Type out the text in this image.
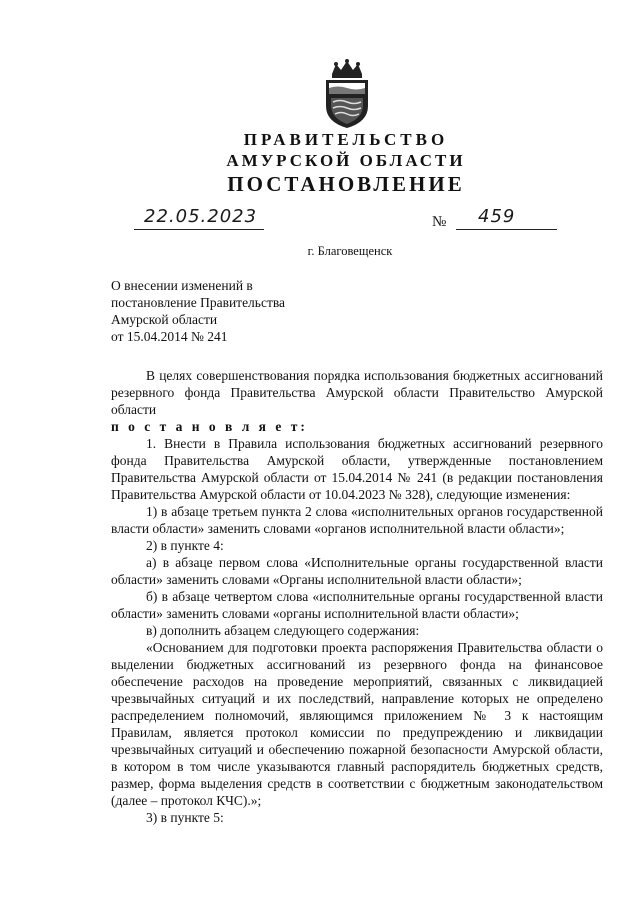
ПРАВИТЕЛЬСТВО
АМУРСКОЙ ОБЛАСТИ
ПОСТАНОВЛЕНИЕ
22.05.2023	№ 459
г. Благовещенск
О внесении изменений в
постановление Правительства
Амурской области
от 15.04.2014 № 241

В целях совершенствования порядка использования бюджетных ассигнований резервного фонда Правительства Амурской области Правительство Амурской области

п о с т а н о в л я е т:

1. Внести в Правила использования бюджетных ассигнований резервного фонда Правительства Амурской области, утвержденные постановлением Правительства Амурской области от 15.04.2014 № 241 (в редакции постановления Правительства Амурской области от 10.04.2023 № 328), следующие изменения:

1) в абзаце третьем пункта 2 слова «исполнительных органов государственной власти области» заменить словами «органов исполнительной власти области»;

2) в пункте 4:

а) в абзаце первом слова «Исполнительные органы государственной власти области» заменить словами «Органы исполнительной власти области»;

б) в абзаце четвертом слова «исполнительные органы государственной власти области» заменить словами «органы исполнительной власти области»;

в) дополнить абзацем следующего содержания:

«Основанием для подготовки проекта распоряжения Правительства области о выделении бюджетных ассигнований из резервного фонда на финансовое обеспечение расходов на проведение мероприятий, связанных с ликвидацией чрезвычайных ситуаций и их последствий, направление которых не определено распределением полномочий, являющимся приложением № 3 к настоящим Правилам, является протокол комиссии по предупреждению и ликвидации чрезвычайных ситуаций и обеспечению пожарной безопасности Амурской области, в котором в том числе указываются главный распорядитель бюджетных средств, размер, форма выделения средств в соответствии с бюджетным законодательством (далее – протокол КЧС).»;

3) в пункте 5:
